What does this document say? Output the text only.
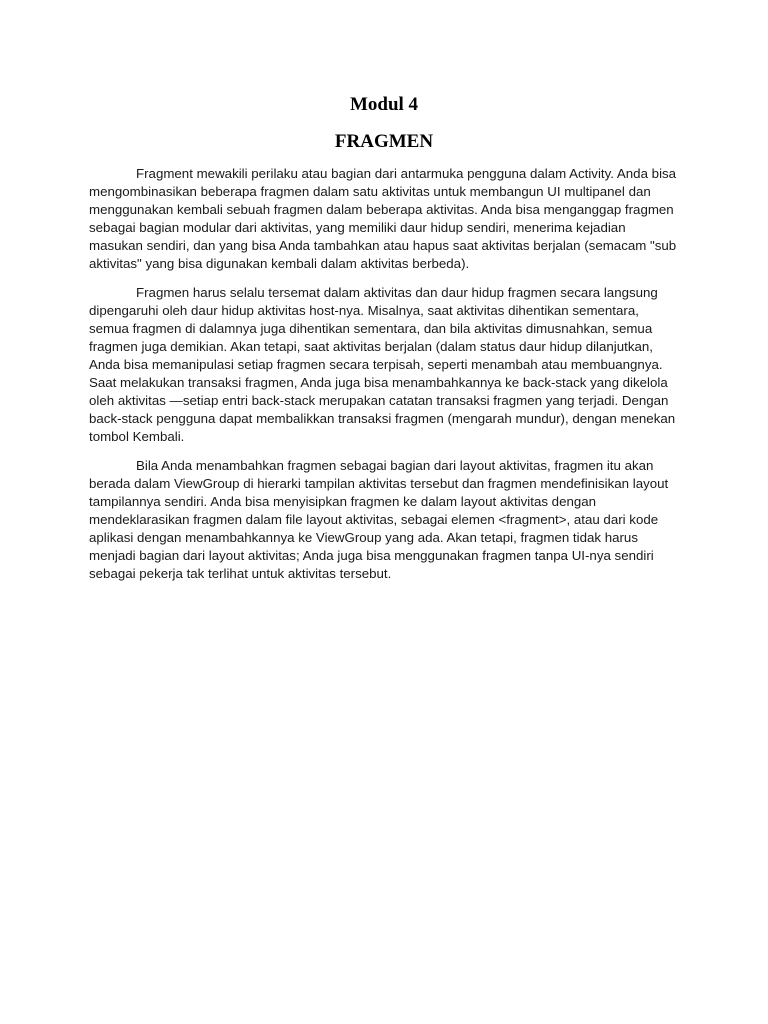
Modul 4
FRAGMEN

Fragment mewakili perilaku atau bagian dari antarmuka pengguna dalam Activity. Anda bisa mengombinasikan beberapa fragmen dalam satu aktivitas untuk membangun UI multipanel dan menggunakan kembali sebuah fragmen dalam beberapa aktivitas. Anda bisa menganggap fragmen sebagai bagian modular dari aktivitas, yang memiliki daur hidup sendiri, menerima kejadian masukan sendiri, dan yang bisa Anda tambahkan atau hapus saat aktivitas berjalan (semacam "sub aktivitas" yang bisa digunakan kembali dalam aktivitas berbeda).

Fragmen harus selalu tersemat dalam aktivitas dan daur hidup fragmen secara langsung dipengaruhi oleh daur hidup aktivitas host-nya. Misalnya, saat aktivitas dihentikan sementara, semua fragmen di dalamnya juga dihentikan sementara, dan bila aktivitas dimusnahkan, semua fragmen juga demikian. Akan tetapi, saat aktivitas berjalan (dalam status daur hidup dilanjutkan, Anda bisa memanipulasi setiap fragmen secara terpisah, seperti menambah atau membuangnya. Saat melakukan transaksi fragmen, Anda juga bisa menambahkannya ke back-stack yang dikelola oleh aktivitas —setiap entri back-stack merupakan catatan transaksi fragmen yang terjadi. Dengan back-stack pengguna dapat membalikkan transaksi fragmen (mengarah mundur), dengan menekan tombol Kembali.

Bila Anda menambahkan fragmen sebagai bagian dari layout aktivitas, fragmen itu akan berada dalam ViewGroup di hierarki tampilan aktivitas tersebut dan fragmen mendefinisikan layout tampilannya sendiri. Anda bisa menyisipkan fragmen ke dalam layout aktivitas dengan mendeklarasikan fragmen dalam file layout aktivitas, sebagai elemen <fragment>, atau dari kode aplikasi dengan menambahkannya ke ViewGroup yang ada. Akan tetapi, fragmen tidak harus menjadi bagian dari layout aktivitas; Anda juga bisa menggunakan fragmen tanpa UI-nya sendiri sebagai pekerja tak terlihat untuk aktivitas tersebut.
